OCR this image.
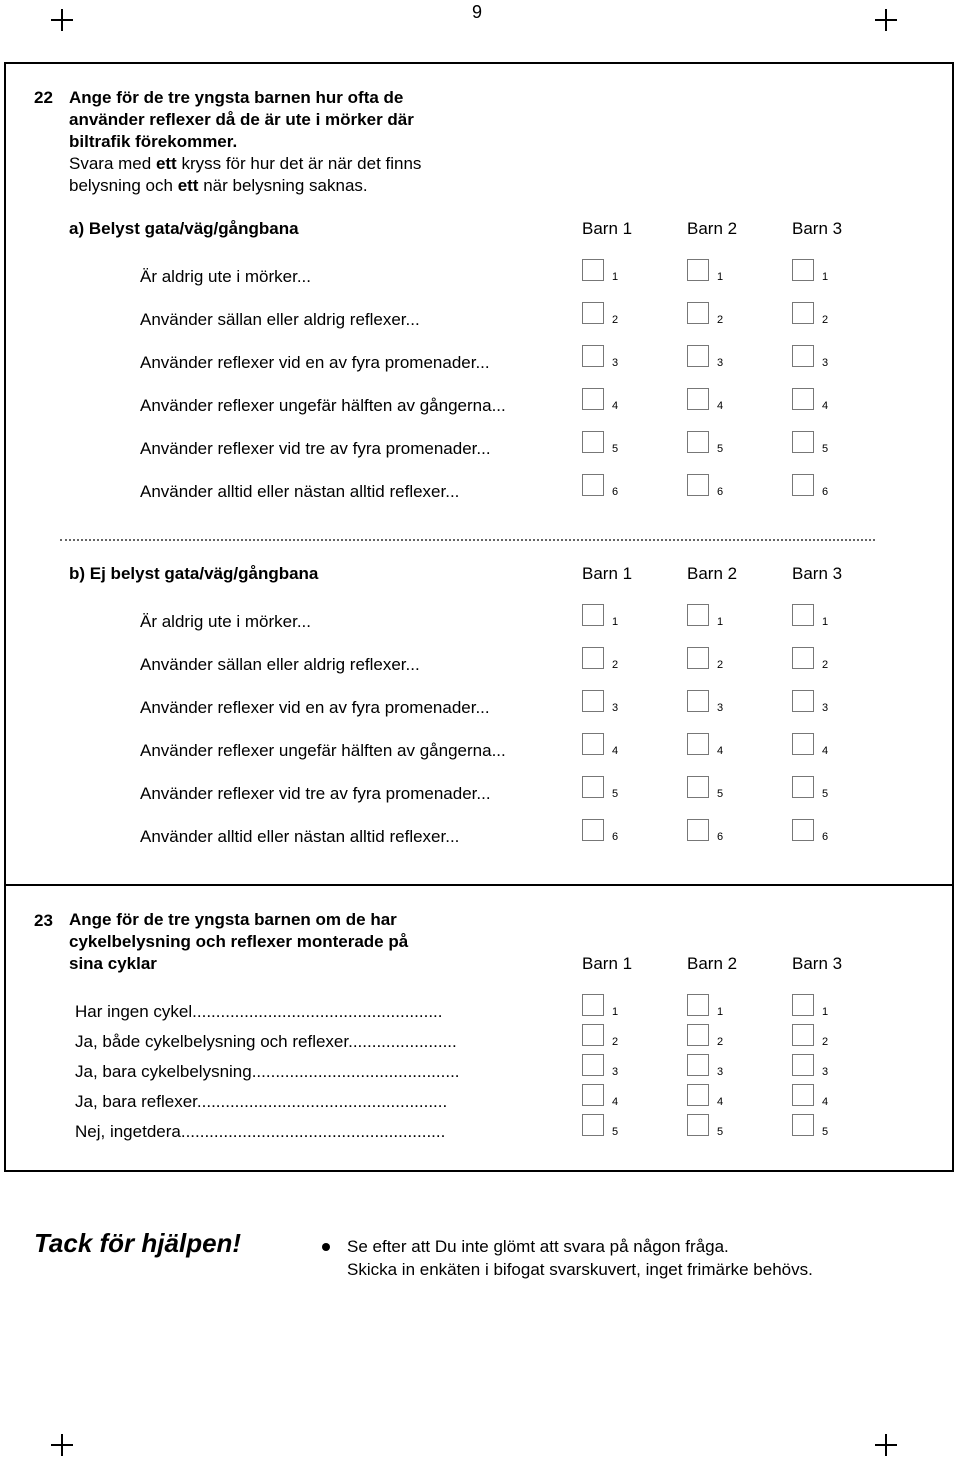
9
22 Ange för de tre yngsta barnen hur ofta de
använder reflexer då de är ute i mörker där
biltrafik förekommer.
Svara med ett kryss för hur det är när det finns
belysning och ett när belysning saknas.
a) Belyst gata/väg/gångbana	Barn 1	Barn 2	Barn 3
Är aldrig ute i mörker...	1	1	1
Använder sällan eller aldrig reflexer...	2	2	2
Använder reflexer vid en av fyra promenader...	3	3	3
Använder reflexer ungefär hälften av gångerna...	4	4	4
Använder reflexer vid tre av fyra promenader...	5	5	5
Använder alltid eller nästan alltid reflexer...	6	6	6
b) Ej belyst gata/väg/gångbana	Barn 1	Barn 2	Barn 3
Är aldrig ute i mörker...	1	1	1
Använder sällan eller aldrig reflexer...	2	2	2
Använder reflexer vid en av fyra promenader...	3	3	3
Använder reflexer ungefär hälften av gångerna...	4	4	4
Använder reflexer vid tre av fyra promenader...	5	5	5
Använder alltid eller nästan alltid reflexer...	6	6	6
23 Ange för de tre yngsta barnen om de har
cykelbelysning och reflexer monterade på
sina cyklar	Barn 1	Barn 2	Barn 3
Har ingen cykel.....................................................	1	1	1
Ja, både cykelbelysning och reflexer.......................	2	2	2
Ja, bara cykelbelysning............................................	3	3	3
Ja, bara reflexer.....................................................	4	4	4
Nej, ingetdera........................................................	5	5	5
Tack för hjälpen!	Se efter att Du inte glömt att svara på någon fråga.
Skicka in enkäten i bifogat svarskuvert, inget frimärke behövs.
